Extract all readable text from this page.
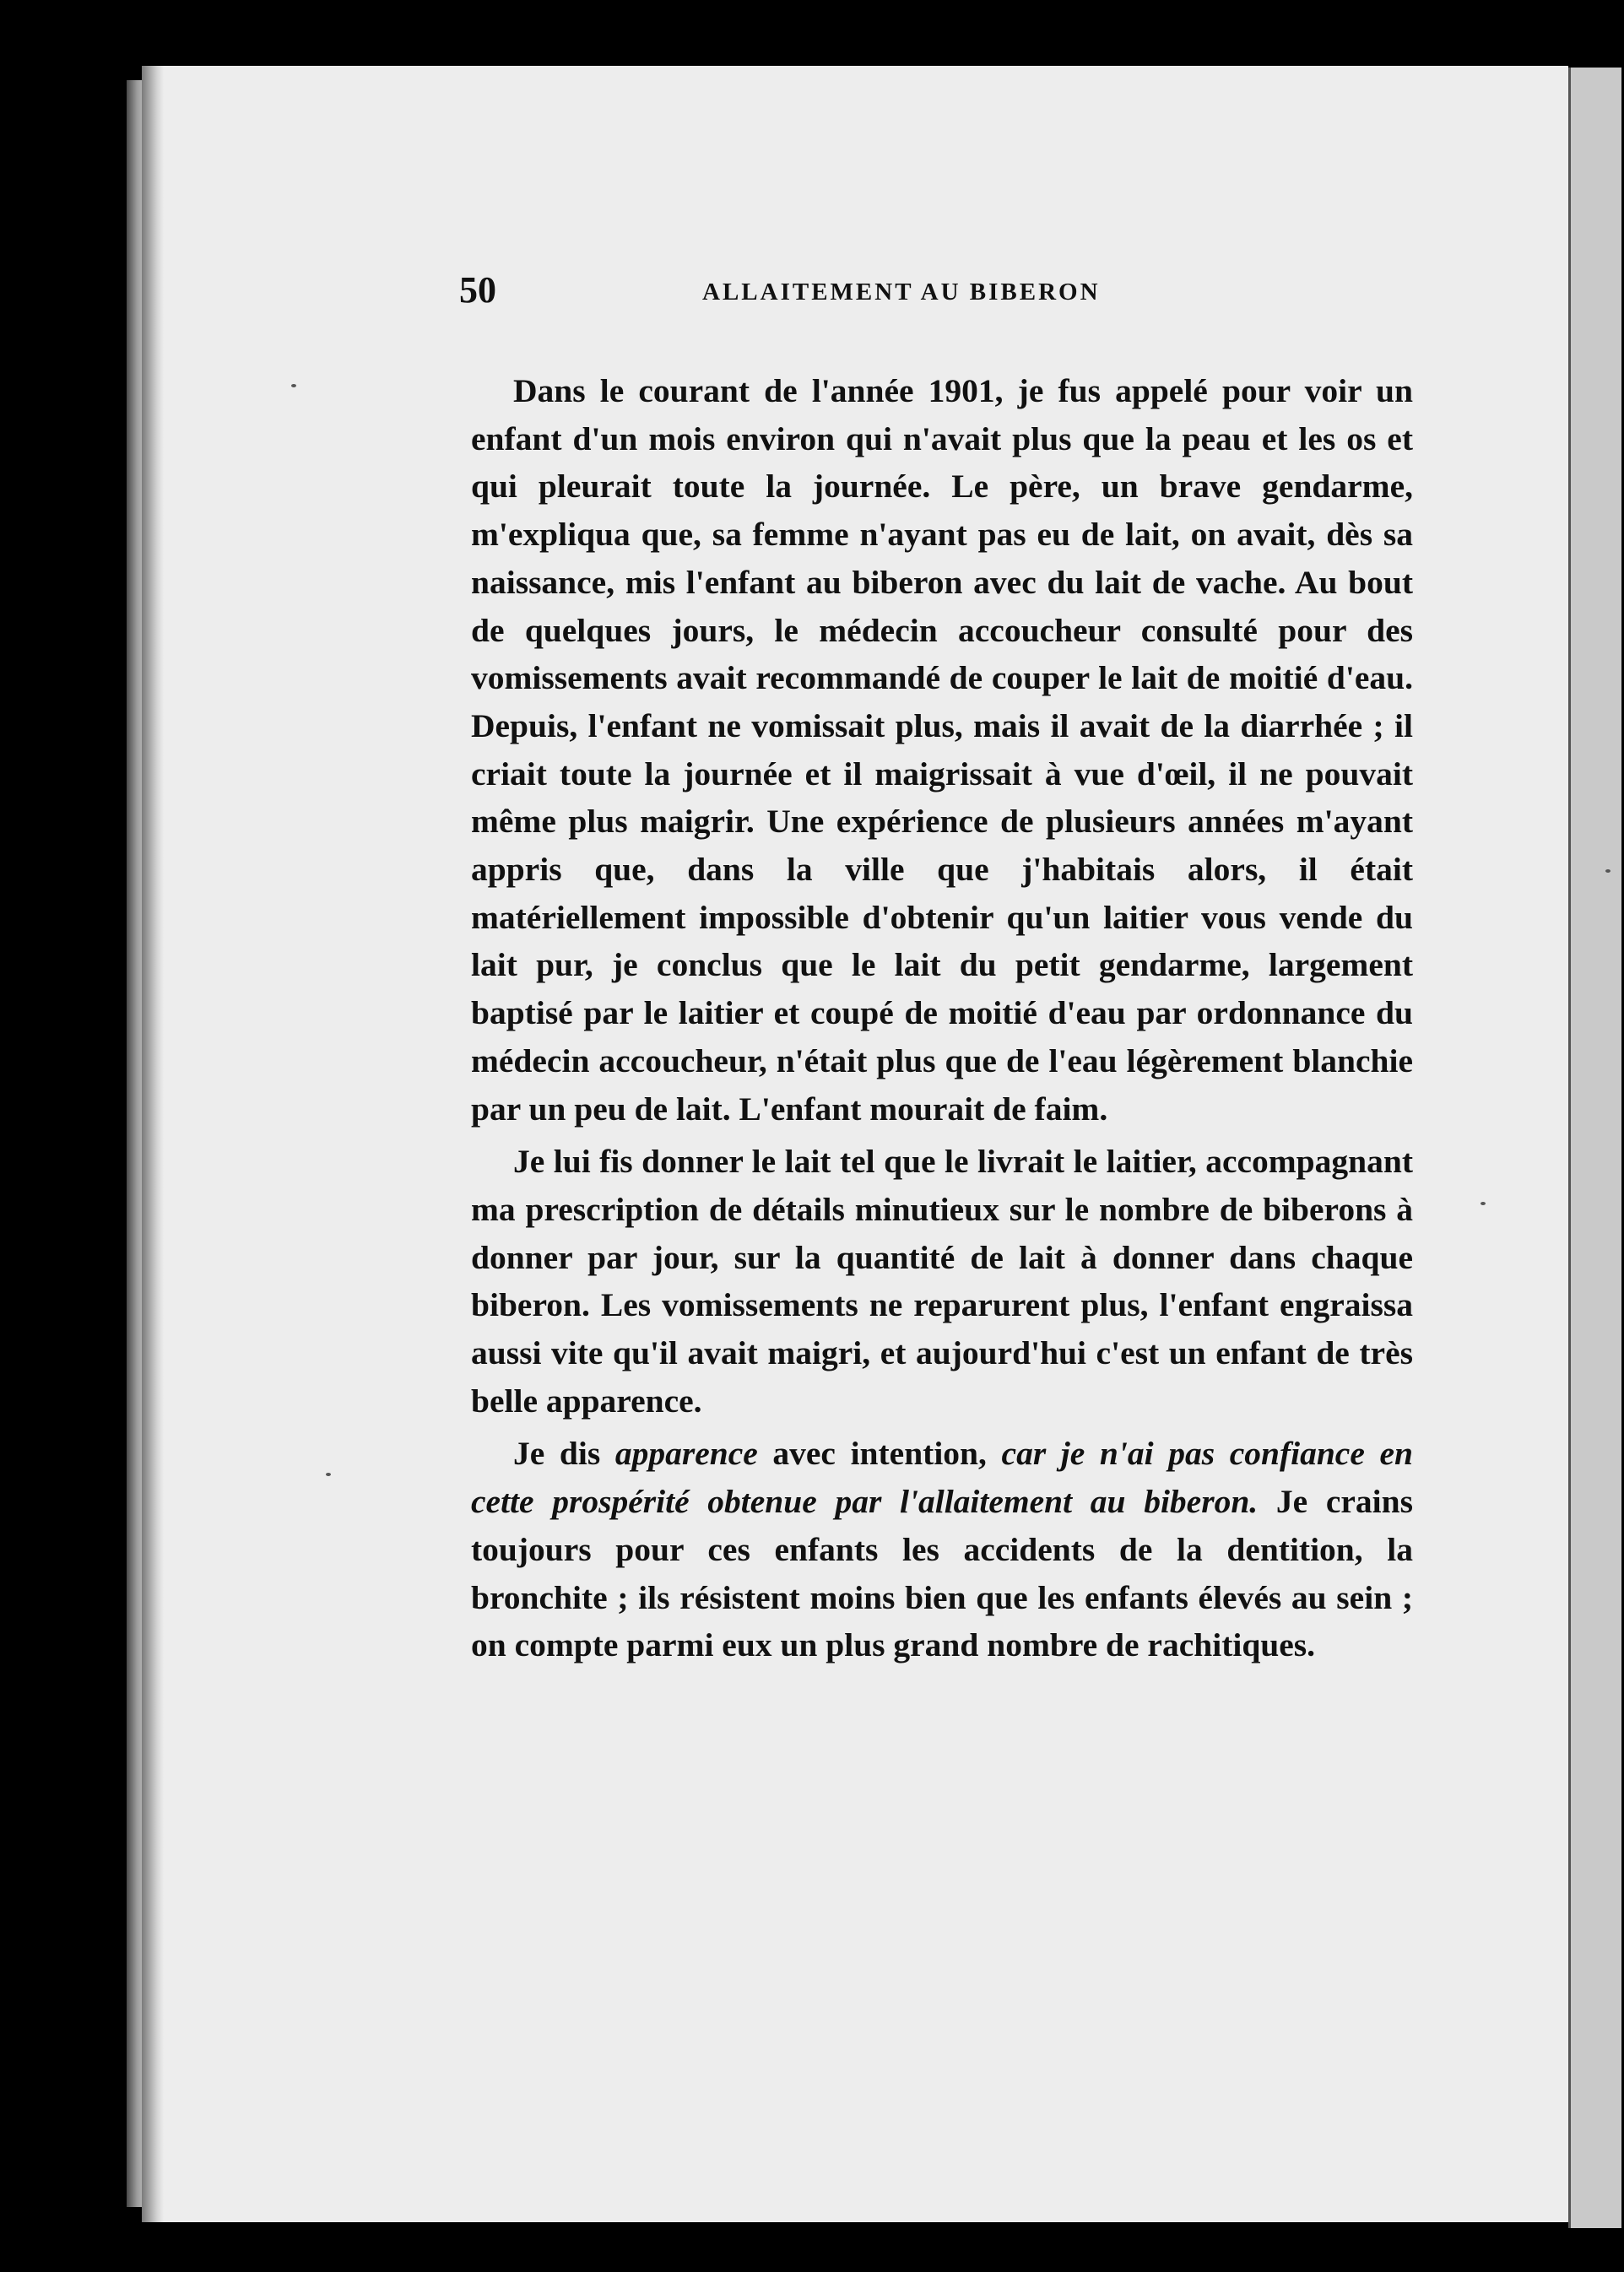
50	ALLAITEMENT AU BIBERON

Dans le courant de l'année 1901, je fus appelé pour voir un enfant d'un mois environ qui n'avait plus que la peau et les os et qui pleurait toute la journée. Le père, un brave gendarme, m'expliqua que, sa femme n'ayant pas eu de lait, on avait, dès sa naissance, mis l'enfant au biberon avec du lait de vache. Au bout de quelques jours, le médecin accoucheur consulté pour des vomissements avait recommandé de couper le lait de moitié d'eau. Depuis, l'enfant ne vomissait plus, mais il avait de la diarrhée ; il criait toute la journée et il maigrissait à vue d'œil, il ne pouvait même plus maigrir. Une expérience de plusieurs années m'ayant appris que, dans la ville que j'habitais alors, il était matériellement impossible d'obtenir qu'un laitier vous vende du lait pur, je conclus que le lait du petit gendarme, largement baptisé par le laitier et coupé de moitié d'eau par ordonnance du médecin accoucheur, n'était plus que de l'eau légèrement blanchie par un peu de lait. L'enfant mourait de faim.

Je lui fis donner le lait tel que le livrait le laitier, accompagnant ma prescription de détails minutieux sur le nombre de biberons à donner par jour, sur la quantité de lait à donner dans chaque biberon. Les vomissements ne reparurent plus, l'enfant engraissa aussi vite qu'il avait maigri, et aujourd'hui c'est un enfant de très belle apparence.

Je dis apparence avec intention, car je n'ai pas confiance en cette prospérité obtenue par l'allaitement au biberon. Je crains toujours pour ces enfants les accidents de la dentition, la bronchite ; ils résistent moins bien que les enfants élevés au sein ; on compte parmi eux un plus grand nombre de rachitiques.
